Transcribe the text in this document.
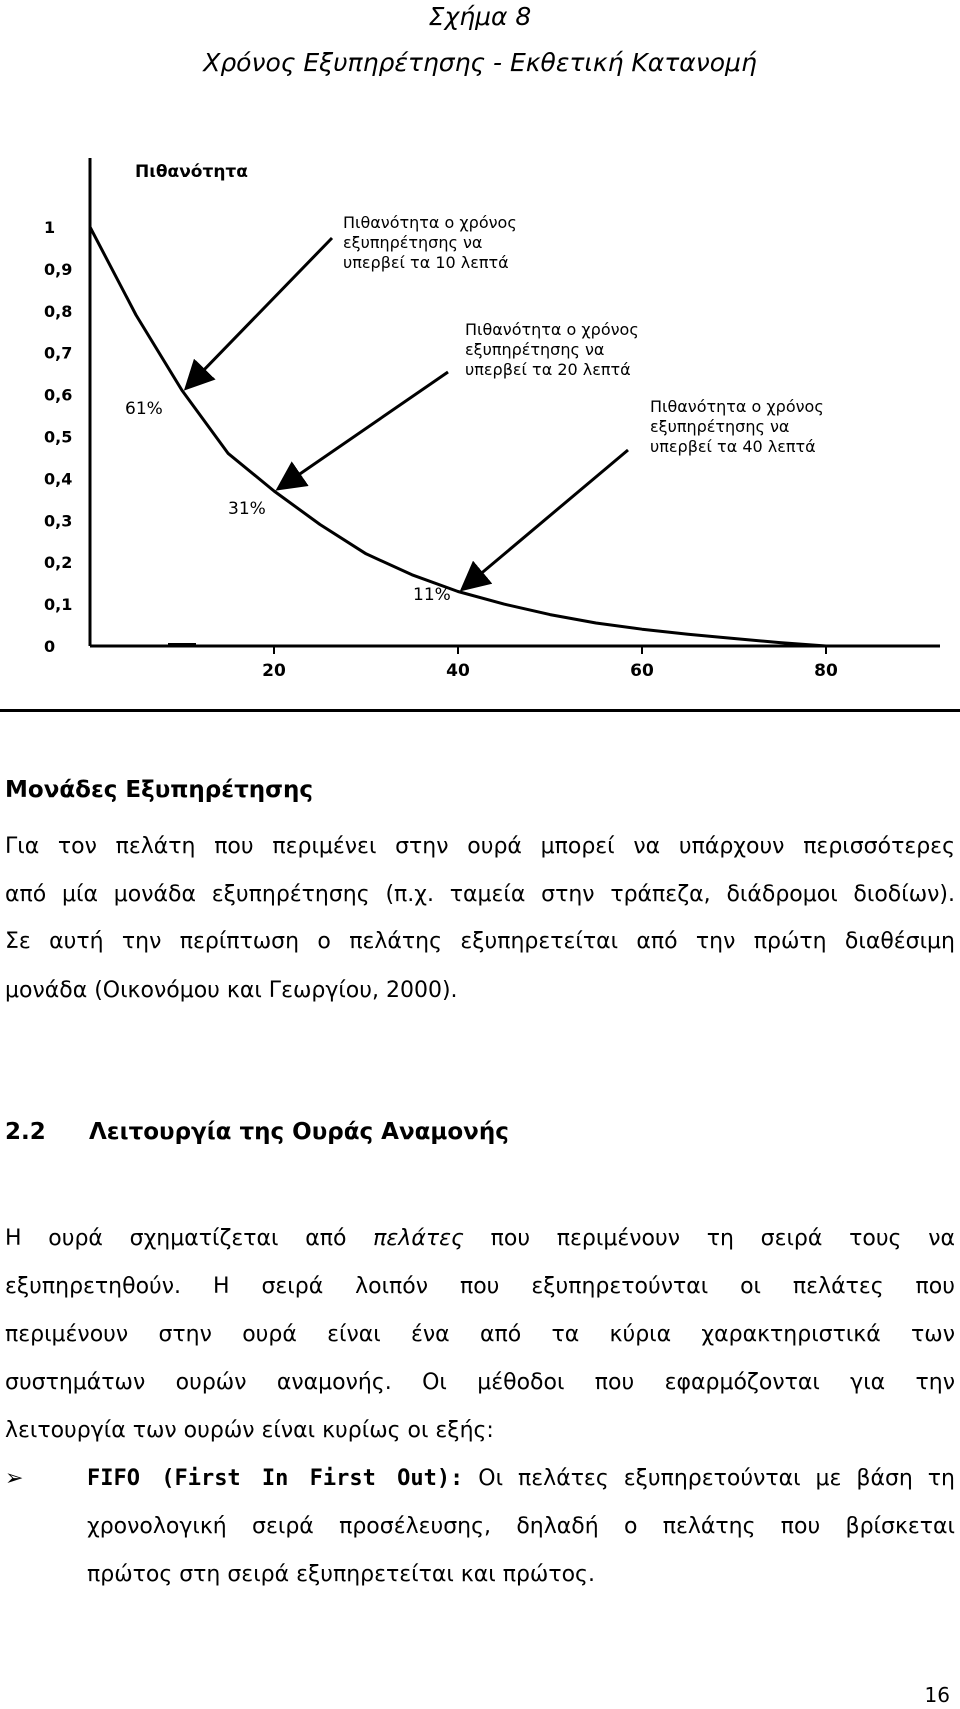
Σχήμα 8
Χρόνος Εξυπηρέτησης - Εκθετική Κατανομή
Πιθανότητα
0
0,1
0,2
0,3
0,4
0,5
0,6
0,7
0,8
0,9
1
20	40	60	80
61%
31%
11%
Πιθανότητα ο χρόνος
εξυπηρέτησης να
υπερβεί τα 10 λεπτά
Πιθανότητα ο χρόνος
εξυπηρέτησης να
υπερβεί τα 20 λεπτά
Πιθανότητα ο χρόνος
εξυπηρέτησης να
υπερβεί τα 40 λεπτά
Μονάδες Εξυπηρέτησης
Για τον πελάτη που περιμένει στην ουρά μπορεί να υπάρχουν περισσότερες
από μία μονάδα εξυπηρέτησης (π.χ. ταμεία στην τράπεζα, διάδρομοι διοδίων).
Σε αυτή την περίπτωση ο πελάτης εξυπηρετείται από την πρώτη διαθέσιμη
μονάδα (Οικονόμου και Γεωργίου, 2000).
2.2 Λειτουργία της Ουράς Αναμονής
Η ουρά σχηματίζεται από πελάτες που περιμένουν τη σειρά τους να
εξυπηρετηθούν. Η σειρά λοιπόν που εξυπηρετούνται οι πελάτες που
περιμένουν στην ουρά είναι ένα από τα κύρια χαρακτηριστικά των
συστημάτων ουρών αναμονής. Οι μέθοδοι που εφαρμόζονται για την
λειτουργία των ουρών είναι κυρίως οι εξής:
➢	FIFO (First In First Out): Οι πελάτες εξυπηρετούνται με βάση τη
χρονολογική σειρά προσέλευσης, δηλαδή ο πελάτης που βρίσκεται
πρώτος στη σειρά εξυπηρετείται και πρώτος.
16
